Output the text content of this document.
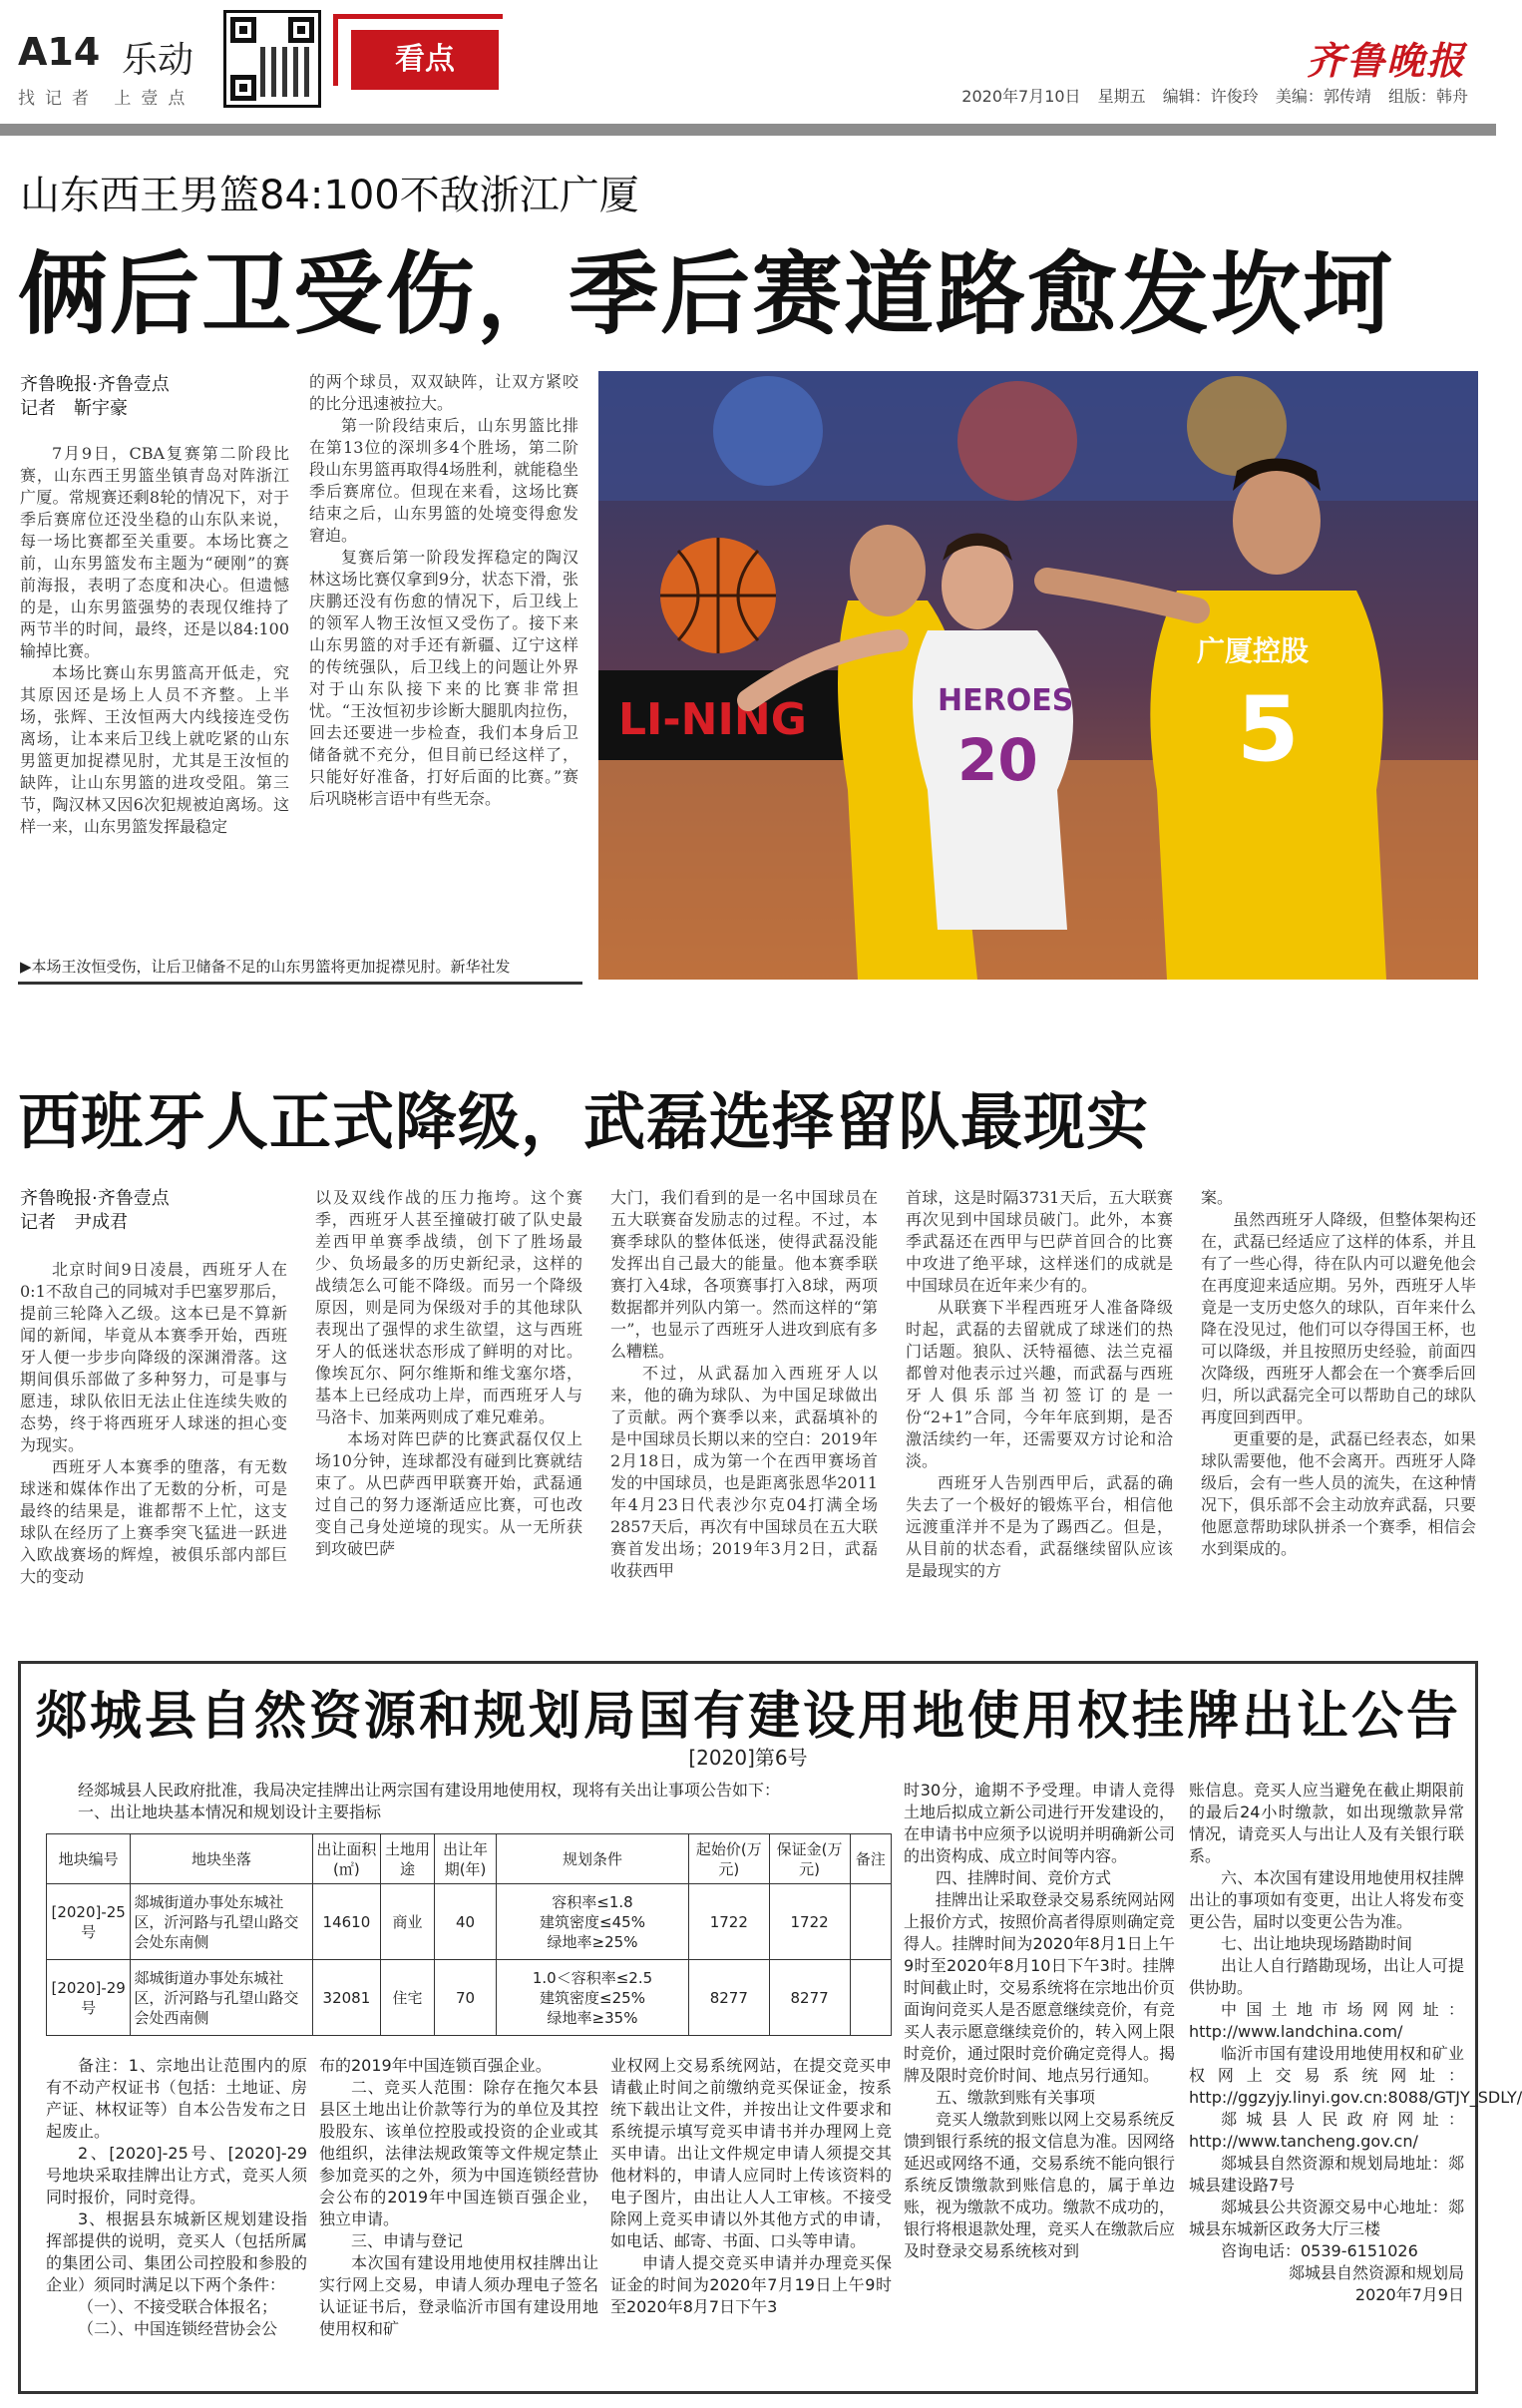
A14 乐动
找记者 上壹点
看点	齐鲁晚报
2020年7月10日 星期五 编辑：许俊玲 美编：郭传靖 组版：韩舟
山东西王男篮84:100不敌浙江广厦
俩后卫受伤，季后赛道路愈发坎坷
齐鲁晚报·齐鲁壹点
记者　靳宇豪

7月9日，CBA复赛第二阶段比赛，山东西王男篮坐镇青岛对阵浙江广厦。常规赛还剩8轮的情况下，对于季后赛席位还没坐稳的山东队来说，每一场比赛都至关重要。本场比赛之前，山东男篮发布主题为“硬刚”的赛前海报，表明了态度和决心。但遗憾的是，山东男篮强势的表现仅维持了两节半的时间，最终，还是以84:100输掉比赛。

本场比赛山东男篮高开低走，究其原因还是场上人员不齐整。上半场，张辉、王汝恒两大内线接连受伤离场，让本来后卫线上就吃紧的山东男篮更加捉襟见肘，尤其是王汝恒的缺阵，让山东男篮的进攻受阻。第三节，陶汉林又因6次犯规被迫离场。这样一来，山东男篮发挥最稳定

的两个球员，双双缺阵，让双方紧咬的比分迅速被拉大。

第一阶段结束后，山东男篮比排在第13位的深圳多4个胜场，第二阶段山东男篮再取得4场胜利，就能稳坐季后赛席位。但现在来看，这场比赛结束之后，山东男篮的处境变得愈发窘迫。

复赛后第一阶段发挥稳定的陶汉林这场比赛仅拿到9分，状态下滑，张庆鹏还没有伤愈的情况下，后卫线上的领军人物王汝恒又受伤了。接下来山东男篮的对手还有新疆、辽宁这样的传统强队，后卫线上的问题让外界对于山东队接下来的比赛非常担忧。“王汝恒初步诊断大腿肌肉拉伤，回去还要进一步检查，我们本身后卫储备就不充分，但目前已经这样了，只能好好准备，打好后面的比赛。”赛后巩晓彬言语中有些无奈。

LI-NING	HEROES
20
广厦控股
5
▶本场王汝恒受伤，让后卫储备不足的山东男篮将更加捉襟见肘。新华社发
西班牙人正式降级，武磊选择留队最现实
齐鲁晚报·齐鲁壹点
记者　尹成君

北京时间9日凌晨，西班牙人在0:1不敌自己的同城对手巴塞罗那后，提前三轮降入乙级。这本已是不算新闻的新闻，毕竟从本赛季开始，西班牙人便一步步向降级的深渊滑落。这期间俱乐部做了多种努力，可是事与愿违，球队依旧无法止住连续失败的态势，终于将西班牙人球迷的担心变为现实。

西班牙人本赛季的堕落，有无数球迷和媒体作出了无数的分析，可是最终的结果是，谁都帮不上忙，这支球队在经历了上赛季突飞猛进一跃进入欧战赛场的辉煌，被俱乐部内部巨大的变动

以及双线作战的压力拖垮。这个赛季，西班牙人甚至撞破打破了队史最差西甲单赛季战绩，创下了胜场最少、负场最多的历史新纪录，这样的战绩怎么可能不降级。而另一个降级原因，则是同为保级对手的其他球队表现出了强悍的求生欲望，这与西班牙人的低迷状态形成了鲜明的对比。像埃瓦尔、阿尔维斯和维戈塞尔塔，基本上已经成功上岸，而西班牙人与马洛卡、加莱两则成了难兄难弟。

本场对阵巴萨的比赛武磊仅仅上场10分钟，连球都没有碰到比赛就结束了。从巴萨西甲联赛开始，武磊通过自己的努力逐渐适应比赛，可也改变自己身处逆境的现实。从一无所获到攻破巴萨

大门，我们看到的是一名中国球员在五大联赛奋发励志的过程。不过，本赛季球队的整体低迷，使得武磊没能发挥出自己最大的能量。他本赛季联赛打入4球，各项赛事打入8球，两项数据都并列队内第一。然而这样的“第一”，也显示了西班牙人进攻到底有多么糟糕。

不过，从武磊加入西班牙人以来，他的确为球队、为中国足球做出了贡献。两个赛季以来，武磊填补的是中国球员长期以来的空白：2019年2月18日，成为第一个在西甲赛场首发的中国球员，也是距离张恩华2011年4月23日代表沙尔克04打满全场2857天后，再次有中国球员在五大联赛首发出场；2019年3月2日，武磊收获西甲

首球，这是时隔3731天后，五大联赛再次见到中国球员破门。此外，本赛季武磊还在西甲与巴萨首回合的比赛中攻进了绝平球，这样迷们的成就是中国球员在近年来少有的。

从联赛下半程西班牙人准备降级时起，武磊的去留就成了球迷们的热门话题。狼队、沃特福德、法兰克福都曾对他表示过兴趣，而武磊与西班牙人俱乐部当初签订的是一份“2+1”合同，今年年底到期，是否激活续约一年，还需要双方讨论和洽淡。

西班牙人告别西甲后，武磊的确失去了一个极好的锻炼平台，相信他远渡重洋并不是为了踢西乙。但是，从目前的状态看，武磊继续留队应该是最现实的方

案。

虽然西班牙人降级，但整体架构还在，武磊已经适应了这样的体系，并且有了一些心得，待在队内可以避免他会在再度迎来适应期。另外，西班牙人毕竟是一支历史悠久的球队，百年来什么降在没见过，他们可以夺得国王杯，也可以降级，并且按照历史经验，前面四次降级，西班牙人都会在一个赛季后回归，所以武磊完全可以帮助自己的球队再度回到西甲。

更重要的是，武磊已经表态，如果球队需要他，他不会离开。西班牙人降级后，会有一些人员的流失，在这种情况下，俱乐部不会主动放弃武磊，只要他愿意帮助球队拼杀一个赛季，相信会水到渠成的。

郯城县自然资源和规划局国有建设用地使用权挂牌出让公告
[2020]第6号

经郯城县人民政府批准，我局决定挂牌出让两宗国有建设用地使用权，现将有关出让事项公告如下：

一、出让地块基本情况和规划设计主要指标

地块编号	地块坐落	出让面积(㎡)	土地用途	出让年期(年)	规划条件	起始价(万元)	保证金(万元)	备注
[2020]-25号	郯城街道办事处东城社区，沂河路与孔望山路交会处东南侧	14610	商业	40	容积率≤1.8
建筑密度≤45%
绿地率≥25%	1722	1722	
[2020]-29号	郯城街道办事处东城社区，沂河路与孔望山路交会处西南侧	32081	住宅	70	1.0＜容积率≤2.5
建筑密度≤25%
绿地率≥35%	8277	8277	

备注：1、宗地出让范围内的原有不动产权证书（包括：土地证、房产证、林权证等）自本公告发布之日起废止。

2、[2020]-25号、[2020]-29号地块采取挂牌出让方式，竞买人须同时报价，同时竞得。

3、根据县东城新区规划建设指挥部提供的说明，竞买人（包括所属的集团公司、集团公司控股和参股的企业）须同时满足以下两个条件：

（一）、不接受联合体报名；

（二）、中国连锁经营协会公

布的2019年中国连锁百强企业。

二、竞买人范围：除存在拖欠本县县区土地出让价款等行为的单位及其控股股东、该单位控股或投资的企业或其他组织，法律法规政策等文件规定禁止参加竞买的之外，须为中国连锁经营协会公布的2019年中国连锁百强企业，独立申请。

三、申请与登记

本次国有建设用地使用权挂牌出让实行网上交易，申请人须办理电子签名认证证书后，登录临沂市国有建设用地使用权和矿

业权网上交易系统网站，在提交竞买申请截止时间之前缴纳竞买保证金，按系统下载出让文件，并按出让文件要求和系统提示填写竞买申请书并办理网上竞买申请。出让文件规定申请人须提交其他材料的，申请人应同时上传该资料的电子图片，由出让人人工审核。不接受除网上竞买申请以外其他方式的申请，如电话、邮寄、书面、口头等申请。

申请人提交竞买申请并办理竞买保证金的时间为2020年7月19日上午9时至2020年8月7日下午3

时30分，逾期不予受理。申请人竞得土地后拟成立新公司进行开发建设的，在申请书中应须予以说明并明确新公司的出资构成、成立时间等内容。

四、挂牌时间、竞价方式

挂牌出让采取登录交易系统网站网上报价方式，按照价高者得原则确定竞得人。挂牌时间为2020年8月1日上午9时至2020年8月10日下午3时。挂牌时间截止时，交易系统将在宗地出价页面询问竞买人是否愿意继续竞价，有竞买人表示愿意继续竞价的，转入网上限时竞价，通过限时竞价确定竞得人。揭牌及限时竞价时间、地点另行通知。

五、缴款到账有关事项

竞买人缴款到账以网上交易系统反馈到银行系统的报文信息为准。因网络延迟或网络不通，交易系统不能向银行系统反馈缴款到账信息的，属于单边账，视为缴款不成功。缴款不成功的，银行将根退款处理，竞买人在缴款后应及时登录交易系统核对到

账信息。竞买人应当避免在截止期限前的最后24小时缴款，如出现缴款异常情况，请竞买人与出让人及有关银行联系。

六、本次国有建设用地使用权挂牌出让的事项如有变更，出让人将发布变更公告，届时以变更公告为准。

七、出让地块现场踏勘时间

出让人自行踏勘现场，出让人可提供协助。

中国土地市场网网址：http://www.landchina.com/

临沂市国有建设用地使用权和矿业权网上交易系统网址：http://ggzyjy.linyi.gov.cn:8088/GTJY_SDLY/

郯城县人民政府网址：http://www.tancheng.gov.cn/

郯城县自然资源和规划局地址：郯城县建设路7号

郯城县公共资源交易中心地址：郯城县东城新区政务大厅三楼

咨询电话：0539-6151026

郯城县自然资源和规划局

2020年7月9日
